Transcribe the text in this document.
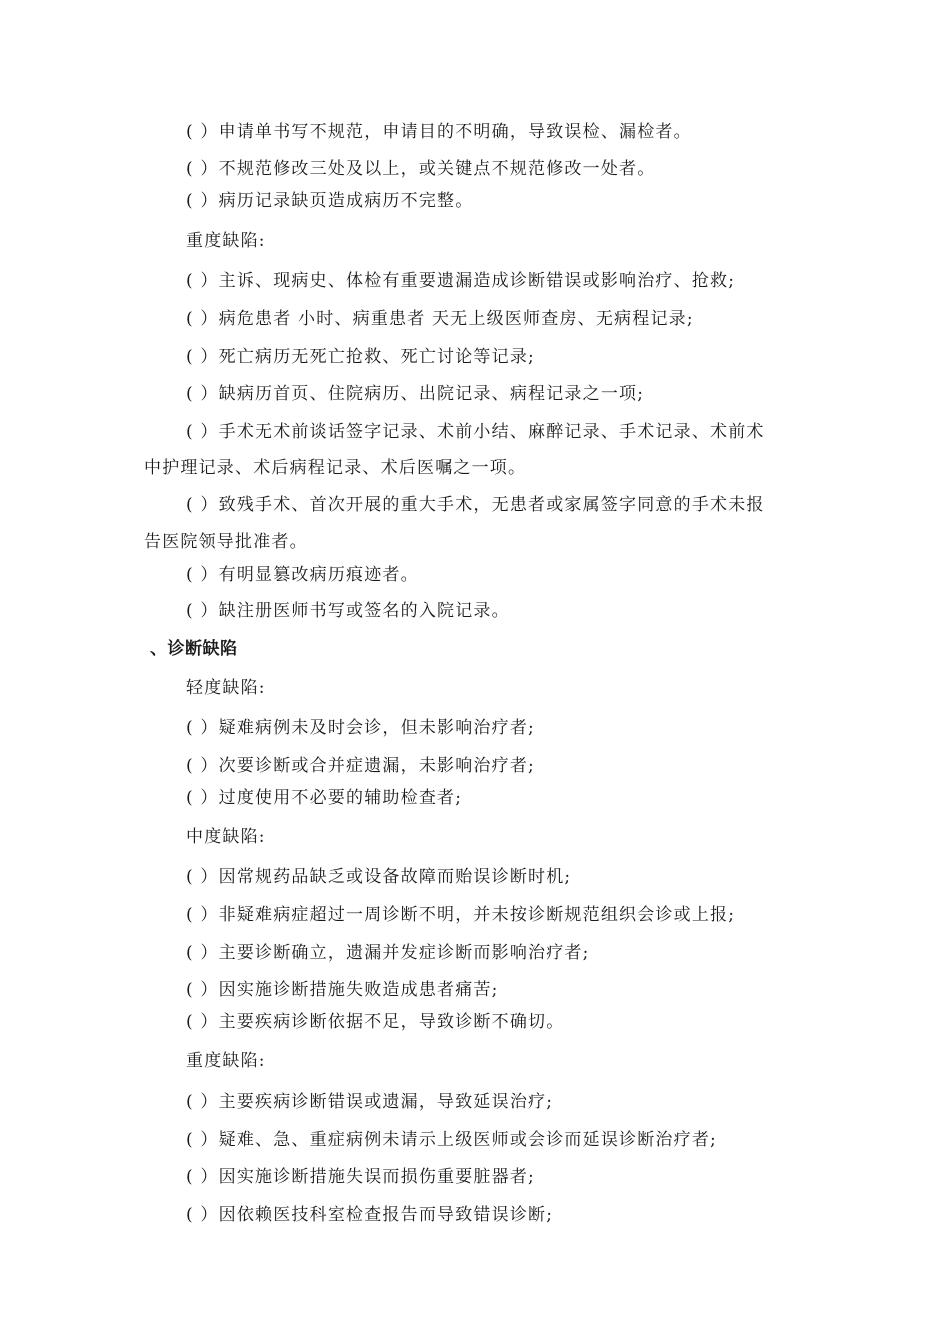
( ）申请单书写不规范，申请目的不明确，导致误检、漏检者。
( ）不规范修改三处及以上，或关键点不规范修改一处者。
( ）病历记录缺页造成病历不完整。
重度缺陷:
( ）主诉、现病史、体检有重要遗漏造成诊断错误或影响治疗、抢救;
( ）病危患者 小时、病重患者 天无上级医师查房、无病程记录;
( ）死亡病历无死亡抢救、死亡讨论等记录;
( ）缺病历首页、住院病历、出院记录、病程记录之一项;
( ）手术无术前谈话签字记录、术前小结、麻醉记录、手术记录、术前术
中护理记录、术后病程记录、术后医嘱之一项。
( ）致残手术、首次开展的重大手术，无患者或家属签字同意的手术未报
告医院领导批准者。
( ）有明显篡改病历痕迹者。
( ）缺注册医师书写或签名的入院记录。
、诊断缺陷
轻度缺陷:
( ）疑难病例未及时会诊，但未影响治疗者;
( ）次要诊断或合并症遗漏，未影响治疗者;
( ）过度使用不必要的辅助检查者;
中度缺陷:
( ）因常规药品缺乏或设备故障而贻误诊断时机;
( ）非疑难病症超过一周诊断不明，并未按诊断规范组织会诊或上报;
( ）主要诊断确立，遗漏并发症诊断而影响治疗者;
( ）因实施诊断措施失败造成患者痛苦;
( ）主要疾病诊断依据不足，导致诊断不确切。
重度缺陷:
( ）主要疾病诊断错误或遗漏，导致延误治疗;
( ）疑难、急、重症病例未请示上级医师或会诊而延误诊断治疗者;
( ）因实施诊断措施失误而损伤重要脏器者;
( ）因依赖医技科室检查报告而导致错误诊断;
